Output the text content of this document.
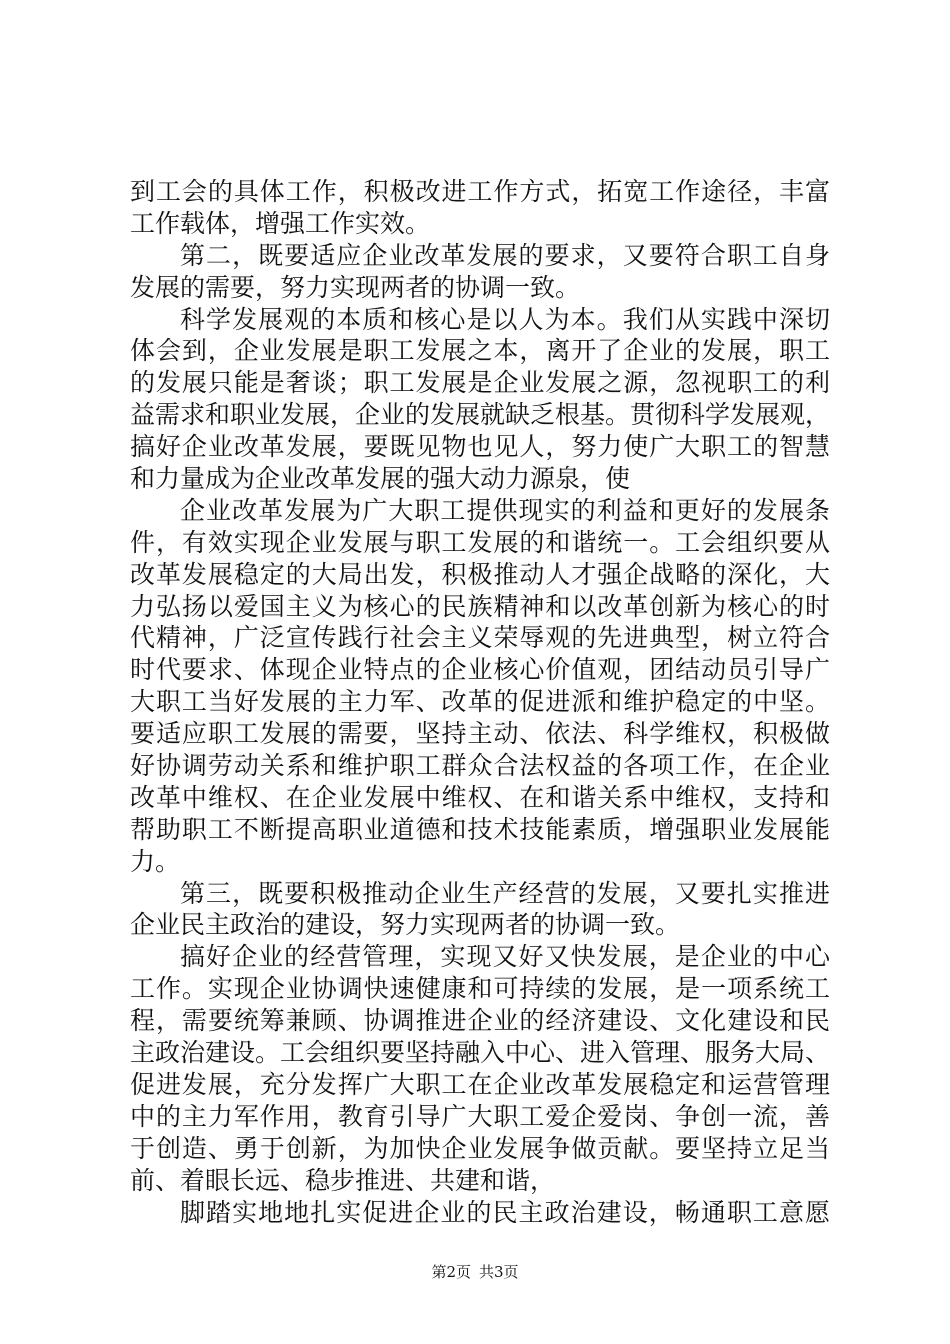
到工会的具体工作，积极改进工作方式，拓宽工作途径，丰富
工作载体，增强工作实效。
第二，既要适应企业改革发展的要求，又要符合职工自身
发展的需要，努力实现两者的协调一致。
科学发展观的本质和核心是以人为本。我们从实践中深切
体会到，企业发展是职工发展之本，离开了企业的发展，职工
的发展只能是奢谈；职工发展是企业发展之源，忽视职工的利
益需求和职业发展，企业的发展就缺乏根基。贯彻科学发展观，
搞好企业改革发展，要既见物也见人，努力使广大职工的智慧
和力量成为企业改革发展的强大动力源泉，使
企业改革发展为广大职工提供现实的利益和更好的发展条
件，有效实现企业发展与职工发展的和谐统一。工会组织要从
改革发展稳定的大局出发，积极推动人才强企战略的深化，大
力弘扬以爱国主义为核心的民族精神和以改革创新为核心的时
代精神，广泛宣传践行社会主义荣辱观的先进典型，树立符合
时代要求、体现企业特点的企业核心价值观，团结动员引导广
大职工当好发展的主力军、改革的促进派和维护稳定的中坚。
要适应职工发展的需要，坚持主动、依法、科学维权，积极做
好协调劳动关系和维护职工群众合法权益的各项工作，在企业
改革中维权、在企业发展中维权、在和谐关系中维权，支持和
帮助职工不断提高职业道德和技术技能素质，增强职业发展能
力。
第三，既要积极推动企业生产经营的发展，又要扎实推进
企业民主政治的建设，努力实现两者的协调一致。
搞好企业的经营管理，实现又好又快发展，是企业的中心
工作。实现企业协调快速健康和可持续的发展，是一项系统工
程，需要统筹兼顾、协调推进企业的经济建设、文化建设和民
主政治建设。工会组织要坚持融入中心、进入管理、服务大局、
促进发展，充分发挥广大职工在企业改革发展稳定和运营管理
中的主力军作用，教育引导广大职工爱企爱岗、争创一流，善
于创造、勇于创新，为加快企业发展争做贡献。要坚持立足当
前、着眼长远、稳步推进、共建和谐，
脚踏实地地扎实促进企业的民主政治建设，畅通职工意愿
第2页 共3页
